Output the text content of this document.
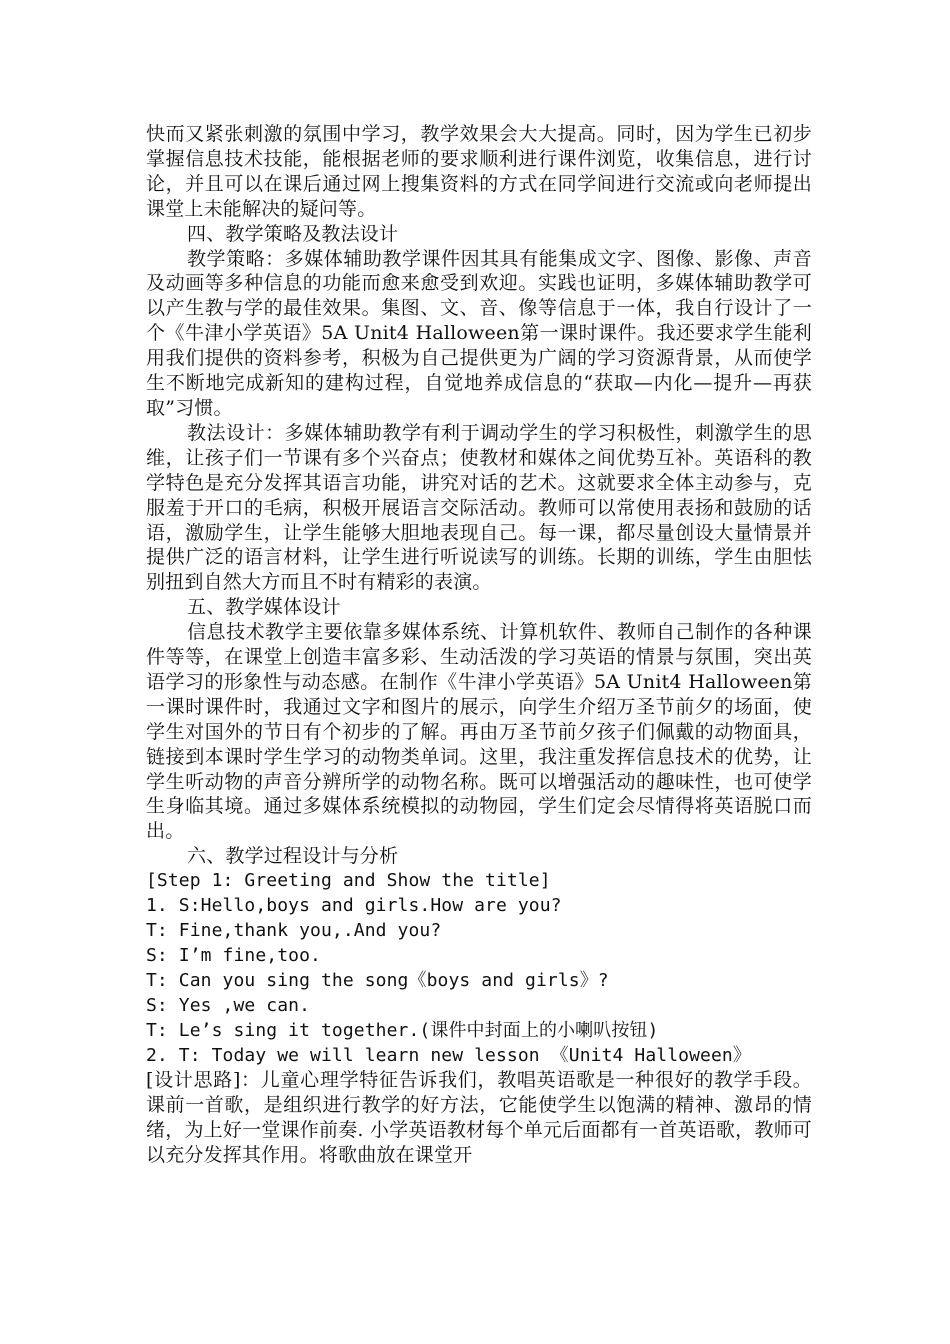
快而又紧张刺激的氛围中学习，教学效果会大大提高。同时，因为学生已初步掌握信息技术技能，能根据老师的要求顺利进行课件浏览，收集信息，进行讨论，并且可以在课后通过网上搜集资料的方式在同学间进行交流或向老师提出课堂上未能解决的疑问等。

四、教学策略及教法设计

教学策略：多媒体辅助教学课件因其具有能集成文字、图像、影像、声音及动画等多种信息的功能而愈来愈受到欢迎。实践也证明，多媒体辅助教学可以产生教与学的最佳效果。集图、文、音、像等信息于一体，我自行设计了一个《牛津小学英语》5A Unit4 Halloween第一课时课件。我还要求学生能利用我们提供的资料参考，积极为自己提供更为广阔的学习资源背景，从而使学生不断地完成新知的建构过程，自觉地养成信息的“获取—内化—提升—再获取”习惯。

教法设计：多媒体辅助教学有利于调动学生的学习积极性，刺激学生的思维，让孩子们一节课有多个兴奋点；使教材和媒体之间优势互补。英语科的教学特色是充分发挥其语言功能，讲究对话的艺术。这就要求全体主动参与，克服羞于开口的毛病，积极开展语言交际活动。教师可以常使用表扬和鼓励的话语，激励学生，让学生能够大胆地表现自己。每一课，都尽量创设大量情景并提供广泛的语言材料，让学生进行听说读写的训练。长期的训练，学生由胆怯别扭到自然大方而且不时有精彩的表演。

五、教学媒体设计

信息技术教学主要依靠多媒体系统、计算机软件、教师自己制作的各种课件等等，在课堂上创造丰富多彩、生动活泼的学习英语的情景与氛围，突出英语学习的形象性与动态感。在制作《牛津小学英语》5A Unit4 Halloween第一课时课件时，我通过文字和图片的展示，向学生介绍万圣节前夕的场面，使学生对国外的节日有个初步的了解。再由万圣节前夕孩子们佩戴的动物面具，链接到本课时学生学习的动物类单词。这里，我注重发挥信息技术的优势，让学生听动物的声音分辨所学的动物名称。既可以增强活动的趣味性，也可使学生身临其境。通过多媒体系统模拟的动物园，学生们定会尽情得将英语脱口而出。

六、教学过程设计与分析

[Step 1: Greeting and Show the title]

1. S:Hello,boys and girls.How are you?

T: Fine,thank you,.And you?

S: I’m fine,too.

T: Can you sing the song《boys and girls》?

S: Yes ,we can.

T: Le’s sing it together.(课件中封面上的小喇叭按钮)

2. T: Today we will learn new lesson 《Unit4 Halloween》

[设计思路]：儿童心理学特征告诉我们，教唱英语歌是一种很好的教学手段。课前一首歌，是组织进行教学的好方法，它能使学生以饱满的精神、激昂的情绪，为上好一堂课作前奏. 小学英语教材每个单元后面都有一首英语歌，教师可以充分发挥其作用。将歌曲放在课堂开
